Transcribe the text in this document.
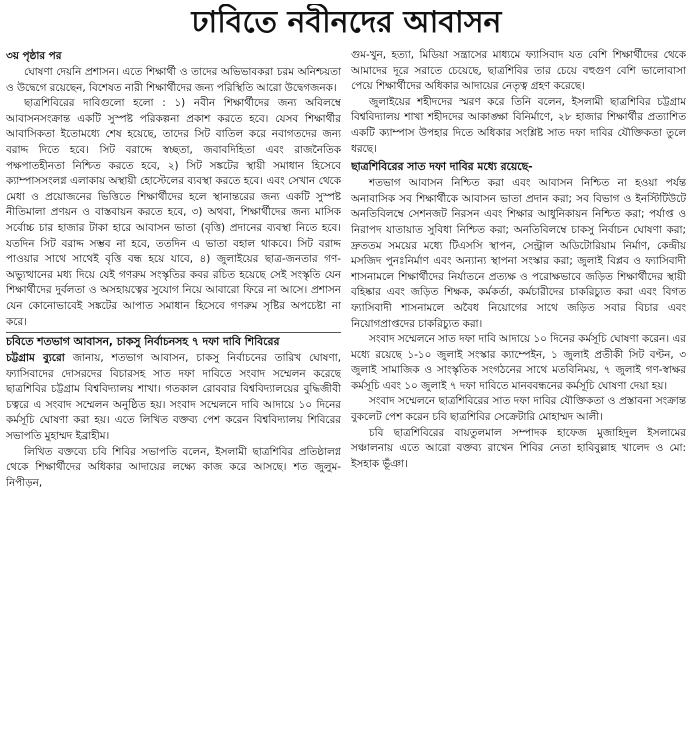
ঢাবিতে নবীনদের আবাসন
৩য় পৃষ্ঠার পর

ঘোষণা দেয়নি প্রশাসন। এতে শিক্ষার্থী ও তাদের অভিভাবকরা চরম অনিশ্চয়তা ও উদ্বেগে রয়েছেন, বিশেষত নারী শিক্ষার্থীদের জন্য পরিস্থিতি আরো উদ্বেগজনক।

ছাত্রশিবিরের দাবিগুলো হলো : ১) নবীন শিক্ষার্থীদের জন্য অবিলম্বে আবাসনসংক্রান্ত একটি সুস্পষ্ট পরিকল্পনা প্রকাশ করতে হবে। যেসব শিক্ষার্থীর আবাসিকতা ইতোমধ্যে শেষ হয়েছে, তাদের সিট বাতিল করে নবাগতদের জন্য বরাদ্দ দিতে হবে। সিট বরাদ্দে স্বচ্ছতা, জবাবদিহিতা এবং রাজনৈতিক পক্ষপাতহীনতা নিশ্চিত করতে হবে, ২) সিট সঙ্কটের স্থায়ী সমাধান হিসেবে ক্যাম্পাসসংলগ্ন এলাকায় অস্থায়ী হোস্টেলের ব্যবস্থা করতে হবে। এবং সেখান থেকে মেধা ও প্রয়োজনের ভিত্তিতে শিক্ষার্থীদের হলে স্থানান্তরের জন্য একটি সুস্পষ্ট নীতিমালা প্রণয়ন ও বাস্তবায়ন করতে হবে, ৩) অথবা, শিক্ষার্থীদের জন্য মাসিক সর্বোচ্চ চার হাজার টাকা হারে আবাসন ভাতা (বৃত্তি) প্রদানের ব্যবস্থা নিতে হবে। যতদিন সিট বরাদ্দ সম্ভব না হবে, ততদিন এ ভাতা বহাল থাকবে। সিট বরাদ্দ পাওয়ার সাথে সাথেই বৃত্তি বন্ধ হয়ে যাবে, ৪) জুলাইয়ের ছাত্র-জনতার গণ-অভ্যুত্থানের মধ্য দিয়ে যেই গণরুম সংস্কৃতির কবর রচিত হয়েছে সেই সংস্কৃতি যেন শিক্ষার্থীদের দুর্বলতা ও অসহায়ত্বের সুযোগ নিয়ে আবারো ফিরে না আসে। প্রশাসন যেন কোনোভাবেই সঙ্কটের আপাত সমাধান হিসেবে গণরুম সৃষ্টির অপচেষ্টা না করে।

চবিতে শতভাগ আবাসন, চাকসু নির্বাচনসহ ৭ দফা দাবি শিবিরের

চট্টগ্রাম ব্যুরো জানায়, শতভাগ আবাসন, চাকসু নির্বাচনের তারিখ ঘোষণা, ফ্যাসিবাদের দোসরদের বিচারসহ সাত দফা দাবিতে সংবাদ সম্মেলন করেছে ছাত্রশিবির চট্টগ্রাম বিশ্ববিদ্যালয় শাখা। গতকাল রোববার বিশ্ববিদ্যালয়ের বুদ্ধিজীবী চত্বরে এ সংবাদ সম্মেলন অনুষ্ঠিত হয়। সংবাদ সম্মেলনে দাবি আদায়ে ১০ দিনের কর্মসূচি ঘোষণা করা হয়। এতে লিখিত বক্তব্য পেশ করেন বিশ্ববিদ্যালয় শিবিরের সভাপতি মুহাম্মদ ইব্রাহীম।

লিখিত বক্তব্যে চবি শিবির সভাপতি বলেন, ইসলামী ছাত্রশিবির প্রতিষ্ঠালগ্ন থেকে শিক্ষার্থীদের অধিকার আদায়ের লক্ষ্যে কাজ করে আসছে। শত জুলুম-নিপীড়ন,

গুম-খুন, হত্যা, মিডিয়া সন্ত্রাসের মাধ্যমে ফ্যাসিবাদ যত বেশি শিক্ষার্থীদের থেকে আমাদের দূরে সরাতে চেয়েছে, ছাত্রশিবির তার চেয়ে বহুগুণ বেশি ভালোবাসা পেয়ে শিক্ষার্থীদের অধিকার আদায়ের নেতৃত্ব গ্রহণ করেছে।

জুলাইয়ের শহীদদের স্মরণ করে তিনি বলেন, ইসলামী ছাত্রশিবির চট্টগ্রাম বিশ্ববিদ্যালয় শাখা শহীদদের আকাঙ্ক্ষা বিনির্মাণে, ২৮ হাজার শিক্ষার্থীর প্রত্যাশিত একটি ক্যাম্পাস উপহার দিতে অধিকার সংশ্লিষ্ট সাত দফা দাবির যৌক্তিকতা তুলে ধরছে।

ছাত্রশিবিরের সাত দফা দাবির মধ্যে রয়েছে-

শতভাগ আবাসন নিশ্চিত করা এবং আবাসন নিশ্চিত না হওয়া পর্যন্ত অনাবাসিক সব শিক্ষার্থীকে আবাসন ভাতা প্রদান করা; সব বিভাগ ও ইনস্টিটিউটে অনতিবিলম্বে সেশনজট নিরসন এবং শিক্ষার আধুনিকায়ন নিশ্চিত করা; পর্যাপ্ত ও নিরাপদ যাতায়াত সুবিধা নিশ্চিত করা; অনতিবিলম্বে চাকসু নির্বাচন ঘোষণা করা; দ্রুততম সময়ের মধ্যে টিএসসি স্থাপন, সেন্ট্রাল অডিটোরিয়াম নির্মাণ, কেন্দ্রীয় মসজিদ পুনঃনির্মাণ এবং অন্যান্য স্থাপনা সংস্কার করা; জুলাই বিপ্লব ও ফ্যাসিবাদী শাসনামলে শিক্ষার্থীদের নির্যাতনে প্রত্যক্ষ ও পরোক্ষভাবে জড়িত শিক্ষার্থীদের স্থায়ী বহিষ্কার এবং জড়িত শিক্ষক, কর্মকর্তা, কর্মচারীদের চাকরিচ্যুত করা এবং বিগত ফ্যাসিবাদী শাসনামলে অবৈধ নিয়োগের সাথে জড়িত সবার বিচার এবং নিয়োগপ্রাপ্তদের চাকরিচ্যুত করা।

সংবাদ সম্মেলনে সাত দফা দাবি আদায়ে ১০ দিনের কর্মসূচি ঘোষণা করেন। এর মধ্যে রয়েছে ১-১০ জুলাই সংস্কার ক্যাম্পেইন, ১ জুলাই প্রতীকী সিট বণ্টন, ৩ জুলাই সামাজিক ও সাংস্কৃতিক সংগঠনের সাথে মতবিনিময়, ৭ জুলাই গণ-স্বাক্ষর কর্মসূচি এবং ১০ জুলাই ৭ দফা দাবিতে মানববন্ধনের কর্মসূচি ঘোষণা দেয়া হয়।

সংবাদ সম্মেলনে ছাত্রশিবিরের সাত দফা দাবির যৌক্তিকতা ও প্রস্তাবনা সংক্রান্ত বুকলেট পেশ করেন চবি ছাত্রশিবির সেক্রেটারি মোহাম্মদ আলী।

চবি ছাত্রশিবিরের বায়তুলমাল সম্পাদক হাফেজ মুজাহিদুল ইসলামের সঞ্চালনায় এতে আরো বক্তব্য রাখেন শিবির নেতা হাবিবুল্লাহ খালেদ ও মো: ইসহাক ভূঁঞা।
